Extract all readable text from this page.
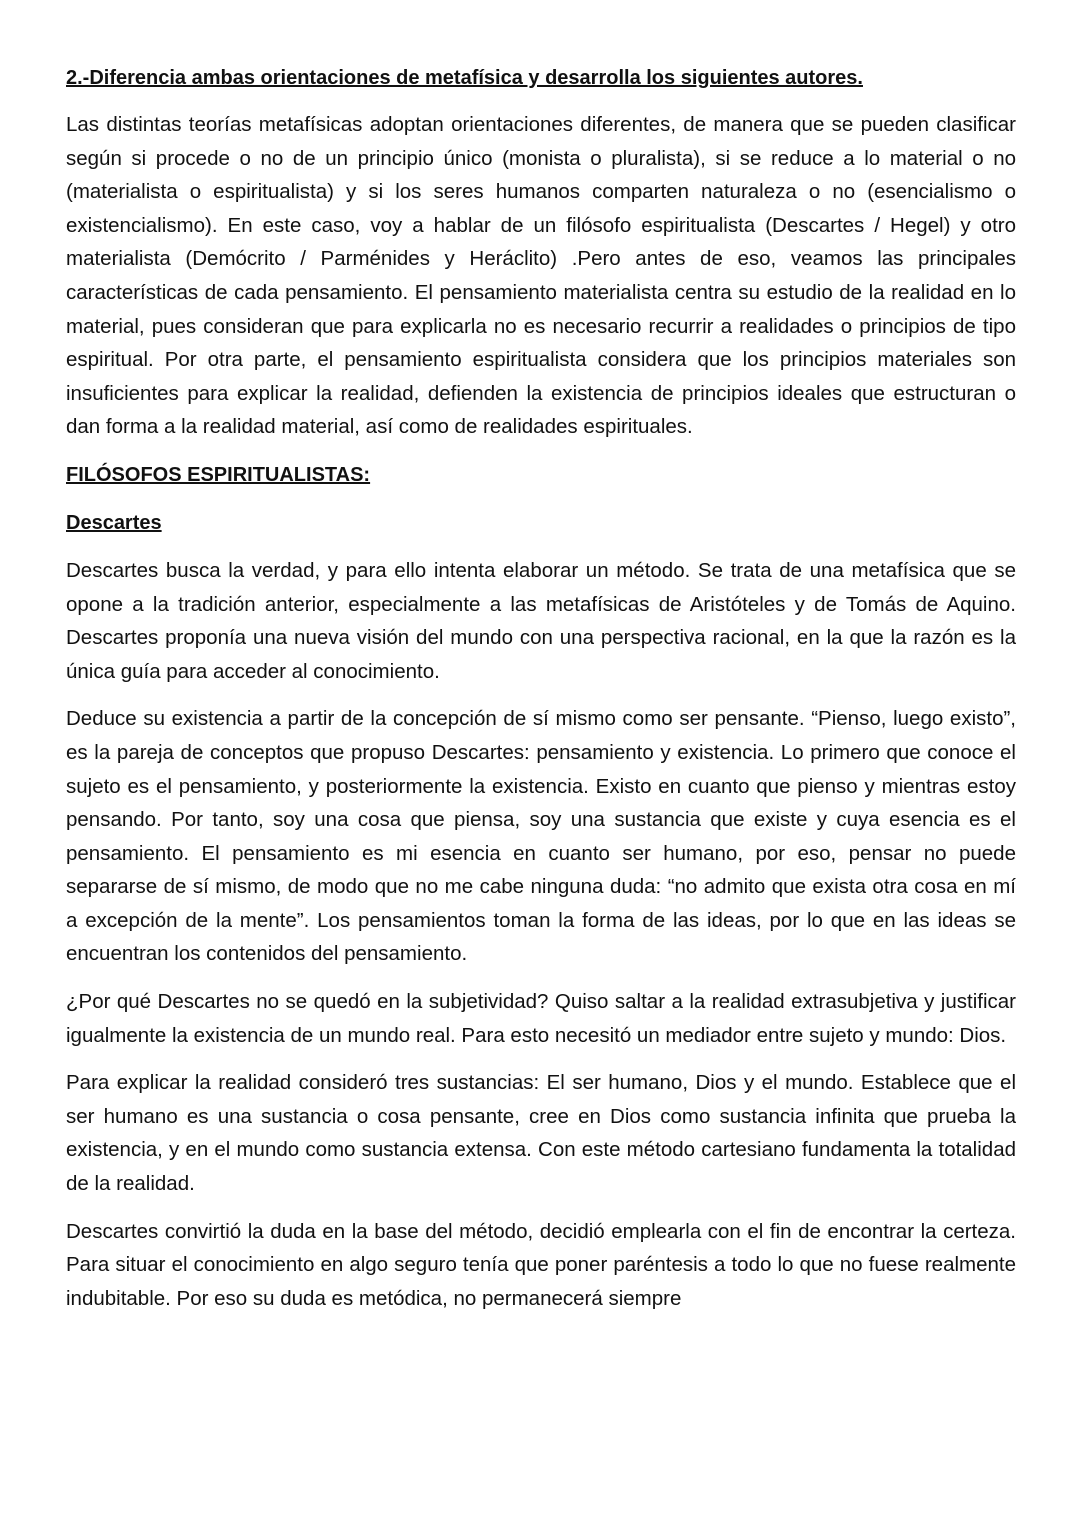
2.-Diferencia ambas orientaciones de metafísica y desarrolla los siguientes autores.
Las distintas teorías metafísicas adoptan orientaciones diferentes, de manera que se pueden clasificar según si procede o no de un principio único (monista o pluralista), si se reduce a lo material o no (materialista o espiritualista) y si los seres humanos comparten naturaleza o no (esencialismo o existencialismo). En este caso, voy a hablar de un filósofo espiritualista (Descartes / Hegel) y otro materialista (Demócrito / Parménides y Heráclito) .Pero antes de eso, veamos las principales características de cada pensamiento. El pensamiento materialista centra su estudio de la realidad en lo material, pues consideran que para explicarla no es necesario recurrir a realidades o principios de tipo espiritual. Por otra parte, el pensamiento espiritualista considera que los principios materiales son insuficientes para explicar la realidad, defienden la existencia de principios ideales que estructuran o dan forma a la realidad material, así como de realidades espirituales.
FILÓSOFOS ESPIRITUALISTAS:
Descartes
Descartes busca la verdad, y para ello intenta elaborar un método. Se trata de una metafísica que se opone a la tradición anterior, especialmente a las metafísicas de Aristóteles y de Tomás de Aquino. Descartes proponía una nueva visión del mundo con una perspectiva racional, en la que la razón es la única guía para acceder al conocimiento.
Deduce su existencia a partir de la concepción de sí mismo como ser pensante. “Pienso, luego existo”, es la pareja de conceptos que propuso Descartes: pensamiento y existencia. Lo primero que conoce el sujeto es el pensamiento, y posteriormente la existencia. Existo en cuanto que pienso y mientras estoy pensando. Por tanto, soy una cosa que piensa, soy una sustancia que existe y cuya esencia es el pensamiento. El pensamiento es mi esencia en cuanto ser humano, por eso, pensar no puede separarse de sí mismo, de modo que no me cabe ninguna duda: “no admito que exista otra cosa en mí a excepción de la mente”. Los pensamientos toman la forma de las ideas, por lo que en las ideas se encuentran los contenidos del pensamiento.
¿Por qué Descartes no se quedó en la subjetividad? Quiso saltar a la realidad extrasubjetiva y justificar igualmente la existencia de un mundo real. Para esto necesitó un mediador entre sujeto y mundo: Dios.
Para explicar la realidad consideró tres sustancias: El ser humano, Dios y el mundo. Establece que el ser humano es una sustancia o cosa pensante, cree en Dios como sustancia infinita que prueba la existencia, y en el mundo como sustancia extensa. Con este método cartesiano fundamenta la totalidad de la realidad.
Descartes convirtió la duda en la base del método, decidió emplearla con el fin de encontrar la certeza. Para situar el conocimiento en algo seguro tenía que poner paréntesis a todo lo que no fuese realmente indubitable. Por eso su duda es metódica, no permanecerá siempre
